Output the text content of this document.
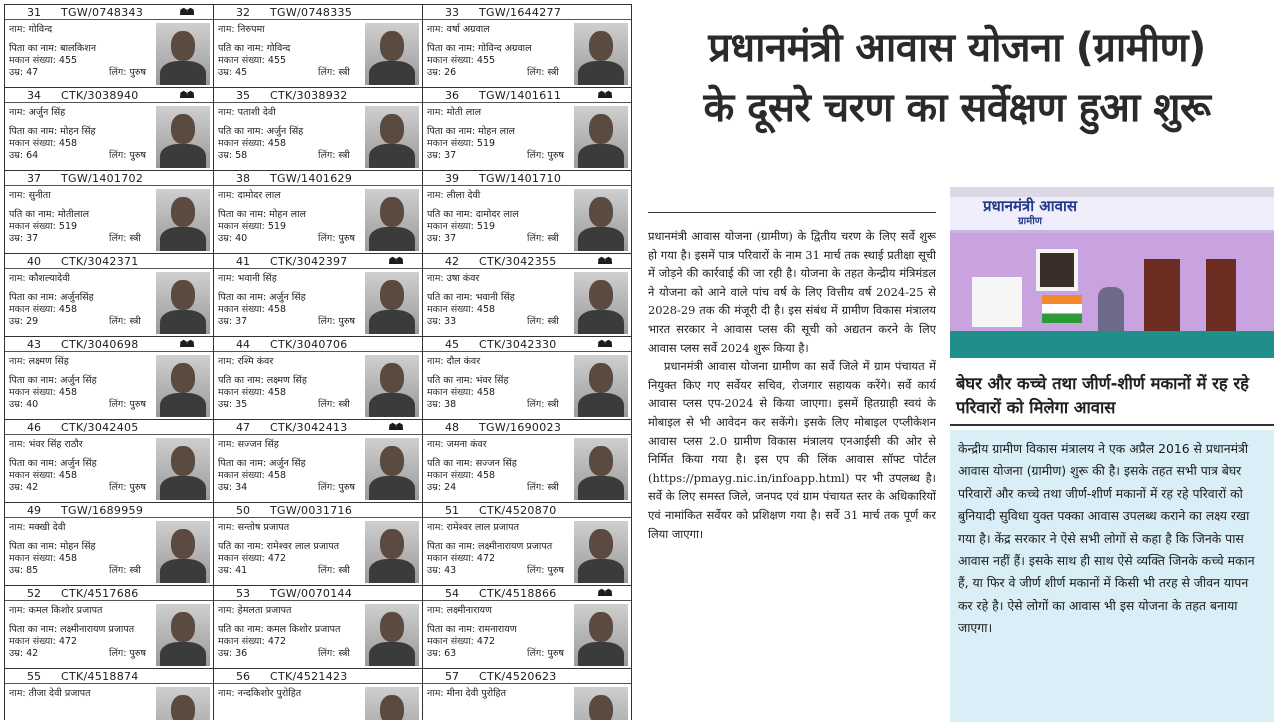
31	TGW/0748343	☗☗
नाम: गोविन्द
पिता का नाम: बालकिशन
मकान संख्या: 455
उम्र: 47	लिंग: पुरुष
32	TGW/0748335
नाम: निरुपमा
पति का नाम: गोविन्द
मकान संख्या: 455
उम्र: 45	लिंग: स्त्री
33	TGW/1644277
नाम: वर्षा अग्रवाल
पिता का नाम: गोविन्द अग्रवाल
मकान संख्या: 455
उम्र: 26	लिंग: स्त्री
34	CTK/3038940	☗☗
नाम: अर्जुन सिंह
पिता का नाम: मोहन सिंह
मकान संख्या: 458
उम्र: 64	लिंग: पुरुष
35	CTK/3038932
नाम: पताशी देवी
पति का नाम: अर्जुन सिंह
मकान संख्या: 458
उम्र: 58	लिंग: स्त्री
36	TGW/1401611	☗☗
नाम: मोती लाल
पिता का नाम: मोहन लाल
मकान संख्या: 519
उम्र: 37	लिंग: पुरुष
37	TGW/1401702
नाम: सुनीता
पति का नाम: मोतीलाल
मकान संख्या: 519
उम्र: 37	लिंग: स्त्री
38	TGW/1401629
नाम: दामोदर लाल
पिता का नाम: मोहन लाल
मकान संख्या: 519
उम्र: 40	लिंग: पुरुष
39	TGW/1401710
नाम: लीला देवी
पति का नाम: दामोदर लाल
मकान संख्या: 519
उम्र: 37	लिंग: स्त्री
40	CTK/3042371
नाम: कौशल्यादेवी
पिता का नाम: अर्जुनसिंह
मकान संख्या: 458
उम्र: 29	लिंग: स्त्री
41	CTK/3042397	☗☗
नाम: भवानी सिंह
पिता का नाम: अर्जुन सिंह
मकान संख्या: 458
उम्र: 37	लिंग: पुरुष
42	CTK/3042355	☗☗
नाम: उषा कंवर
पति का नाम: भवानी सिंह
मकान संख्या: 458
उम्र: 33	लिंग: स्त्री
43	CTK/3040698	☗☗
नाम: लक्ष्मण सिंह
पिता का नाम: अर्जुन सिंह
मकान संख्या: 458
उम्र: 40	लिंग: पुरुष
44	CTK/3040706
नाम: रश्मि कंवर
पति का नाम: लक्ष्मण सिंह
मकान संख्या: 458
उम्र: 35	लिंग: स्त्री
45	CTK/3042330	☗☗
नाम: दौल कंवर
पति का नाम: भंवर सिंह
मकान संख्या: 458
उम्र: 38	लिंग: स्त्री
46	CTK/3042405
नाम: भंवर सिंह राठौर
पिता का नाम: अर्जुन सिंह
मकान संख्या: 458
उम्र: 42	लिंग: पुरुष
47	CTK/3042413	☗☗
नाम: सज्जन सिंह
पिता का नाम: अर्जुन सिंह
मकान संख्या: 458
उम्र: 34	लिंग: पुरुष
48	TGW/1690023
नाम: जमना कंवर
पति का नाम: सज्जन सिंह
मकान संख्या: 458
उम्र: 24	लिंग: स्त्री
49	TGW/1689959
नाम: मक्खी देवी
पिता का नाम: मोहन सिंह
मकान संख्या: 458
उम्र: 85	लिंग: स्त्री
50	TGW/0031716
नाम: सन्तोष प्रजापत
पति का नाम: रामेश्वर लाल प्रजापत
मकान संख्या: 472
उम्र: 41	लिंग: स्त्री
51	CTK/4520870
नाम: रामेश्वर लाल प्रजापत
पिता का नाम: लक्ष्मीनारायण प्रजापत
मकान संख्या: 472
उम्र: 43	लिंग: पुरुष
52	CTK/4517686
नाम: कमल किशोर प्रजापत
पिता का नाम: लक्ष्मीनारायण प्रजापत
मकान संख्या: 472
उम्र: 42	लिंग: पुरुष
53	TGW/0070144
नाम: हेमलता प्रजापत
पति का नाम: कमल किशोर प्रजापत
मकान संख्या: 472
उम्र: 36	लिंग: स्त्री
54	CTK/4518866	☗☗
नाम: लक्ष्मीनारायण
पिता का नाम: रामनारायण
मकान संख्या: 472
उम्र: 63	लिंग: पुरुष
55	CTK/4518874
नाम: तीजा देवी प्रजापत
56	CTK/4521423
नाम: नन्दकिशोर पुरोहित
57	CTK/4520623
नाम: मीना देवी पुरोहित
प्रधानमंत्री आवास योजना (ग्रामीण)
के दूसरे चरण का सर्वेक्षण हुआ शुरू

प्रधानमंत्री आवास योजना (ग्रामीण) के द्वितीय चरण के लिए सर्वे शुरू हो गया है। इसमें पात्र परिवारों के नाम 31 मार्च तक स्थाई प्रतीक्षा सूची में जोड़ने की कार्रवाई की जा रही है। योजना के तहत केन्द्रीय मंत्रिमंडल ने योजना को आने वाले पांच वर्ष के लिए वित्तीय वर्ष 2024-25 से 2028-29 तक की मंजूरी दी है। इस संबंध में ग्रामीण विकास मंत्रालय भारत सरकार ने आवास प्लस की सूची को अद्यतन करने के लिए आवास प्लस सर्वे 2024 शुरू किया है।

प्रधानमंत्री आवास योजना ग्रामीण का सर्वे जिले में ग्राम पंचायत में नियुक्त किए गए सर्वेयर सचिव, रोजगार सहायक करेंगे। सर्वे कार्य आवास प्लस एप-2024 से किया जाएगा। इसमें हितग्राही स्वयं के मोबाइल से भी आवेदन कर सकेंगे। इसके लिए मोबाइल एप्लीकेशन आवास प्लस 2.0 ग्रामीण विकास मंत्रालय एनआईसी की ओर से निर्मित किया गया है। इस एप की लिंक आवास सॉफ्ट पोर्टल (https://pmayg.nic.in/infoapp.html) पर भी उपलब्ध है। सर्वे के लिए समस्त जिले, जनपद एवं ग्राम पंचायत स्तर के अधिकारियों एवं नामांकित सर्वेयर को प्रशिक्षण गया है। सर्वे 31 मार्च तक पूर्ण कर लिया जाएगा।

प्रधानमंत्री आवास
ग्रामीण
बेघर और कच्चे तथा जीर्ण-शीर्ण मकानों में रह रहे परिवारों को मिलेगा आवास
केन्द्रीय ग्रामीण विकास मंत्रालय ने एक अप्रैल 2016 से प्रधानमंत्री आवास योजना (ग्रामीण) शुरू की है। इसके तहत सभी पात्र बेघर परिवारों और कच्चे तथा जीर्ण-शीर्ण मकानों में रह रहे परिवारों को बुनियादी सुविधा युक्त पक्का आवास उपलब्ध कराने का लक्ष्य रखा गया है। केंद्र सरकार ने ऐसे सभी लोगों से कहा है कि जिनके पास आवास नहीं हैं। इसके साथ ही साथ ऐसे व्यक्ति जिनके कच्चे मकान हैं, या फिर वे जीर्ण शीर्ण मकानों में किसी भी तरह से जीवन यापन कर रहे है। ऐसे लोगों का आवास भी इस योजना के तहत बनाया जाएगा।
